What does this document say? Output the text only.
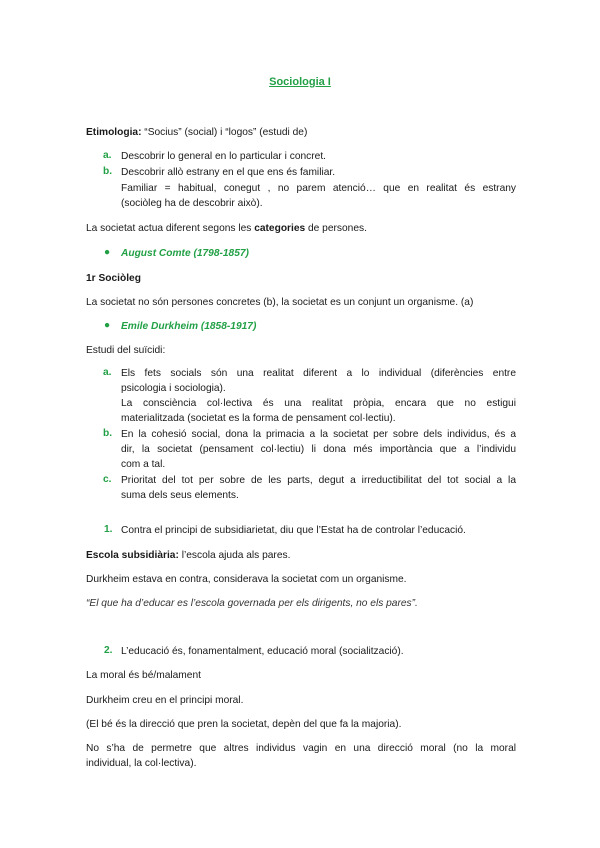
Sociologia I
Etimologia: “Socius” (social) i “logos” (estudi de)
a. Descobrir lo general en lo particular i concret.
b. Descobrir allò estrany en el que ens és familiar.
Familiar = habitual, conegut , no parem atenció… que en realitat és estrany
(sociòleg ha de descobrir això).
La societat actua diferent segons les categories de persones.
●	August Comte (1798-1857)
1r Sociòleg
La societat no són persones concretes (b), la societat es un conjunt un organisme. (a)
●	Emile Durkheim (1858-1917)
Estudi del suïcidi:
a. Els fets socials són una realitat diferent a lo individual (diferències entre
psicologia i sociologia).
La consciència col·lectiva és una realitat pròpia, encara que no estigui
materialitzada (societat es la forma de pensament col·lectiu).
b. En la cohesió social, dona la primacia a la societat per sobre dels individus, és a
dir, la societat (pensament col·lectiu) li dona més importància que a l’individu
com a tal.
c. Prioritat del tot per sobre de les parts, degut a irreductibilitat del tot social a la
suma dels seus elements.
1. Contra el principi de subsidiarietat, diu que l’Estat ha de controlar l’educació.
Escola subsidiària: l’escola ajuda als pares.
Durkheim estava en contra, considerava la societat com un organisme.
“El que ha d’educar es l’escola governada per els dirigents, no els pares”.
2. L’educació és, fonamentalment, educació moral (socialització).
La moral és bé/malament
Durkheim creu en el principi moral.
(El bé és la direcció que pren la societat, depèn del que fa la majoria).
No s’ha de permetre que altres individus vagin en una direcció moral (no la moral
individual, la col·lectiva).
